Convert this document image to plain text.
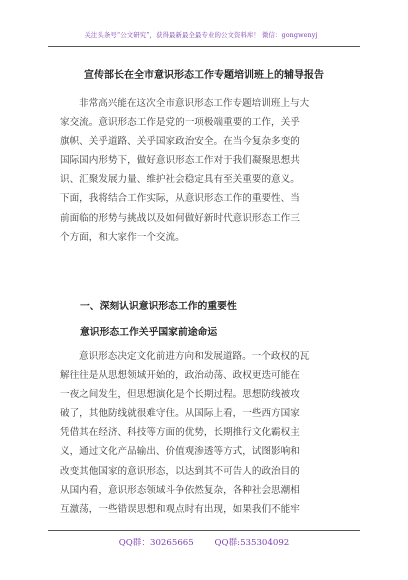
关注头条号“公文研究”，获得最新最全最专业的公文资料库！ 微信：gongwenyj
宣传部长在全市意识形态工作专题培训班上的辅导报告
非常高兴能在这次全市意识形态工作专题培训班上与大
家交流。意识形态工作是党的一项极端重要的工作，关乎
旗帜、关乎道路、关乎国家政治安全。在当今复杂多变的
国际国内形势下，做好意识形态工作对于我们凝聚思想共
识、汇聚发展力量、维护社会稳定具有至关重要的意义。
下面，我将结合工作实际，从意识形态工作的重要性、当
前面临的形势与挑战以及如何做好新时代意识形态工作三
个方面，和大家作一个交流。
一、深刻认识意识形态工作的重要性
意识形态工作关乎国家前途命运
意识形态决定文化前进方向和发展道路。一个政权的瓦
解往往是从思想领域开始的，政治动荡、政权更迭可能在
一夜之间发生，但思想演化是个长期过程。思想防线被攻
破了，其他防线就很难守住。从国际上看，一些西方国家
凭借其在经济、科技等方面的优势，长期推行文化霸权主
义，通过文化产品输出、价值观渗透等方式，试图影响和
改变其他国家的意识形态，以达到其不可告人的政治目的
从国内看，意识形态领域斗争依然复杂，各种社会思潮相
互激荡，一些错误思想和观点时有出现，如果我们不能牢
QQ群：30265665 QQ群:535304092
